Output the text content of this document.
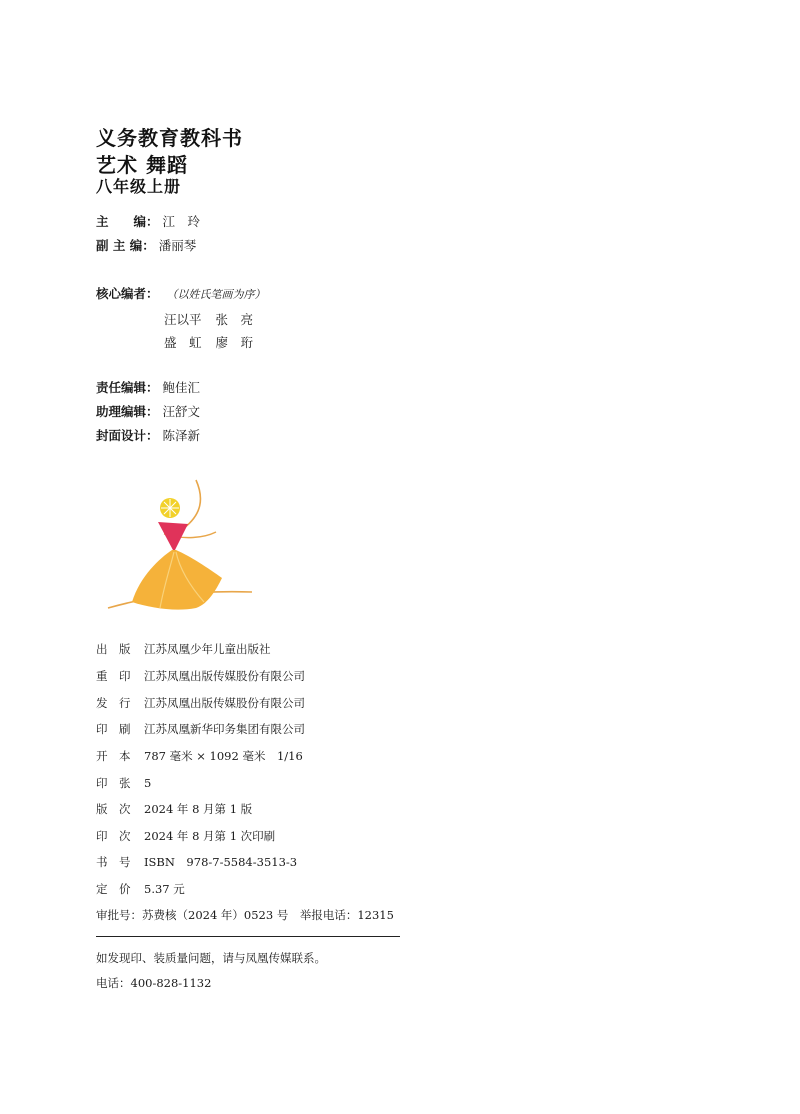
义务教育教科书
艺术 舞蹈
八年级上册
主　　编： 江　玲
副 主 编： 潘丽琴
核心编者： （以姓氏笔画为序）
汪以平 张　亮
盛　虹 廖　珩
责任编辑： 鲍佳汇
助理编辑： 汪舒文
封面设计： 陈泽新
出　版 江苏凤凰少年儿童出版社
重　印 江苏凤凰出版传媒股份有限公司
发　行 江苏凤凰出版传媒股份有限公司
印　刷 江苏凤凰新华印务集团有限公司
开　本 787 毫米 × 1092 毫米　1/16
印　张 5
版　次 2024 年 8 月第 1 版
印　次 2024 年 8 月第 1 次印刷
书　号 ISBN　978-7-5584-3513-3
定　价 5.37 元
审批号：苏费核（2024 年）0523 号　举报电话：12315
如发现印、装质量问题，请与凤凰传媒联系。
电话：400-828-1132
